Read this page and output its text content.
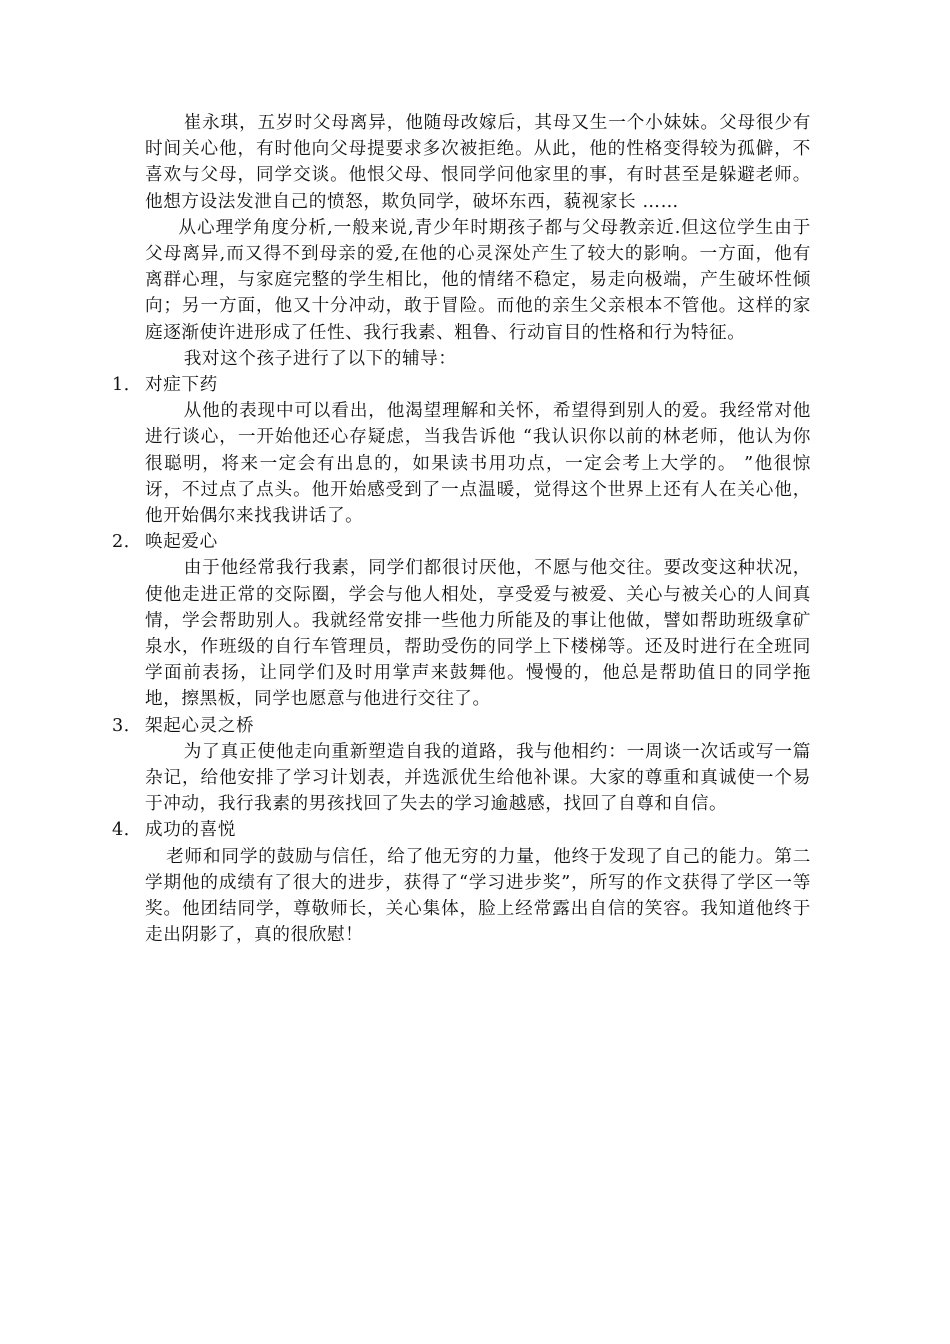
崔永琪，五岁时父母离异，他随母改嫁后，其母又生一个小妹妹。父母很少有时间关心他，有时他向父母提要求多次被拒绝。从此，他的性格变得较为孤僻，不喜欢与父母，同学交谈。他恨父母、恨同学问他家里的事，有时甚至是躲避老师。他想方设法发泄自己的愤怒，欺负同学，破坏东西，藐视家长 ……

从心理学角度分析,一般来说,青少年时期孩子都与父母教亲近.但这位学生由于父母离异,而又得不到母亲的爱,在他的心灵深处产生了较大的影响。一方面，他有离群心理，与家庭完整的学生相比，他的情绪不稳定，易走向极端，产生破坏性倾向；另一方面，他又十分冲动，敢于冒险。而他的亲生父亲根本不管他。这样的家庭逐渐使许进形成了任性、我行我素、粗鲁、行动盲目的性格和行为特征。

我对这个孩子进行了以下的辅导：

1． 对症下药

从他的表现中可以看出，他渴望理解和关怀，希望得到别人的爱。我经常对他进行谈心，一开始他还心存疑虑，当我告诉他 “我认识你以前的林老师，他认为你很聪明，将来一定会有出息的，如果读书用功点，一定会考上大学的。 ”他很惊讶，不过点了点头。他开始感受到了一点温暖，觉得这个世界上还有人在关心他，他开始偶尔来找我讲话了。

2． 唤起爱心

由于他经常我行我素，同学们都很讨厌他，不愿与他交往。要改变这种状况，使他走进正常的交际圈，学会与他人相处，享受爱与被爱、关心与被关心的人间真情，学会帮助别人。我就经常安排一些他力所能及的事让他做，譬如帮助班级拿矿泉水，作班级的自行车管理员，帮助受伤的同学上下楼梯等。还及时进行在全班同学面前表扬，让同学们及时用掌声来鼓舞他。慢慢的，他总是帮助值日的同学拖地，擦黑板，同学也愿意与他进行交往了。

3． 架起心灵之桥

为了真正使他走向重新塑造自我的道路，我与他相约：一周谈一次话或写一篇杂记，给他安排了学习计划表，并选派优生给他补课。大家的尊重和真诚使一个易于冲动，我行我素的男孩找回了失去的学习逾越感，找回了自尊和自信。

4． 成功的喜悦

老师和同学的鼓励与信任，给了他无穷的力量，他终于发现了自己的能力。第二学期他的成绩有了很大的进步，获得了“学习进步奖”，所写的作文获得了学区一等奖。他团结同学，尊敬师长，关心集体，脸上经常露出自信的笑容。我知道他终于走出阴影了，真的很欣慰！
